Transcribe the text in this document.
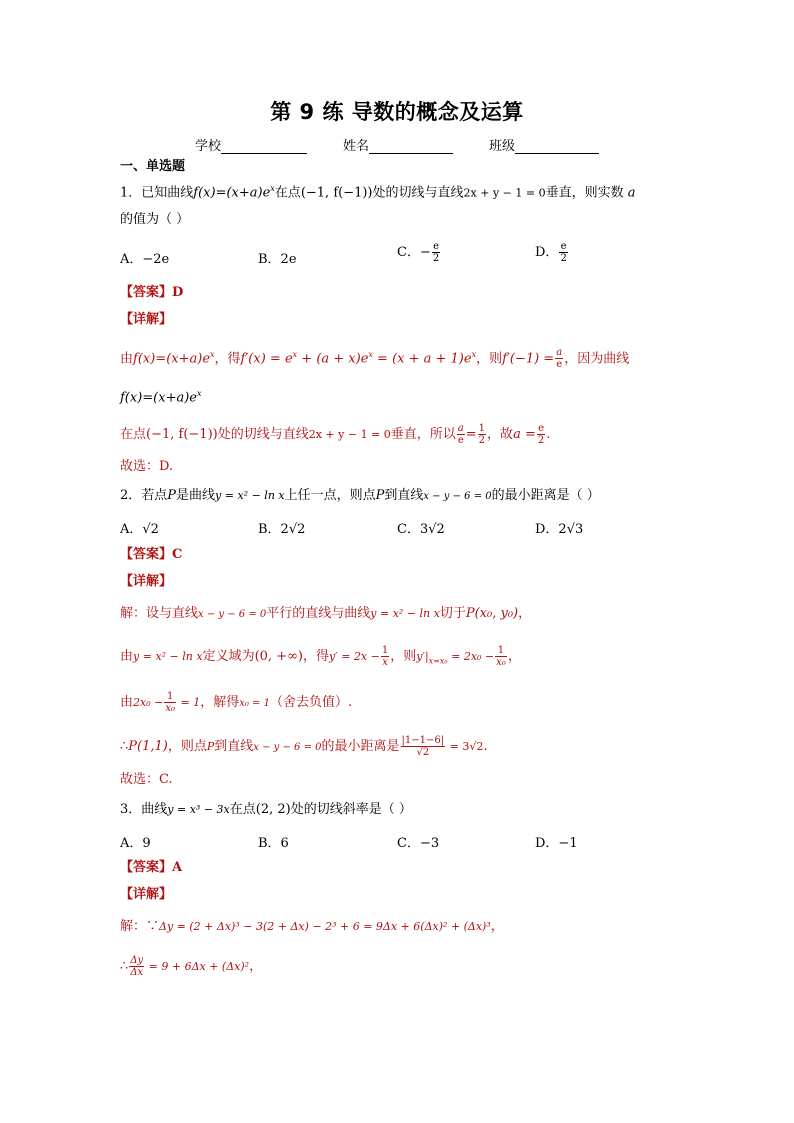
第 9 练 导数的概念及运算
学校	姓名	班级
一、单选题
1．已知曲线$f(x)=(x+a)e^x$在点(−1, f(−1))处的切线与直线2x + y − 1 = 0垂直，则实数 a
的值为（ ）
A．−2e	B．2e	C．− $\frac{e}{2}$	D． $\frac{e}{2}$
【答案】D
【详解】
由$f(x)=(x+a)e^x$，得$f'(x) = e^x + (a + x)e^x = (x + a + 1)e^x$，则$f'(-1) = \frac{a}{e}$ ，因为曲线
$f(x)=(x+a)e^x$
在点(−1, f(−1))处的切线与直线2x + y − 1 = 0垂直，所以 $\frac{a}{e} = \frac{1}{2}$ ，故$a = \frac{e}{2}$ .
故选：D.
2．若点P是曲线y = x² − ln x上任一点，则点P到直线x − y − 6 = 0的最小距离是（ ）
A．√2	B．2√2	C．3√2	D．2√3
【答案】C
【详解】
解：设与直线x − y − 6 = 0平行的直线与曲线y = x² − ln x切于P(x₀, y₀)，
由y = x² − ln x定义域为(0, +∞)，得$y' = 2x - \frac{1}{x}$ ，则$y'|_{x=x_0} = 2x_0 - \frac{1}{\text{x₀}}$ ，
由$2x_0 - \frac{1}{\text{x₀}} = 1$，解得x₀ = 1（舍去负值）.
∴P(1,1)，则点P到直线x − y − 6 = 0的最小距离是 $\frac{|1-1-6|}{√2} = 3√2$.
故选：C.
3．曲线y = x³ − 3x在点(2, 2)处的切线斜率是（ ）
A．9	B．6	C．−3	D．−1
【答案】A
【详解】
解：∵Δy = (2 + Δx)³ − 3(2 + Δx) − 2³ + 6 = 9Δx + 6(Δx)² + (Δx)³，
∴ $\frac{\Delta y}{\Delta x} = 9 + 6\Delta x + (\Delta x)^2$，
